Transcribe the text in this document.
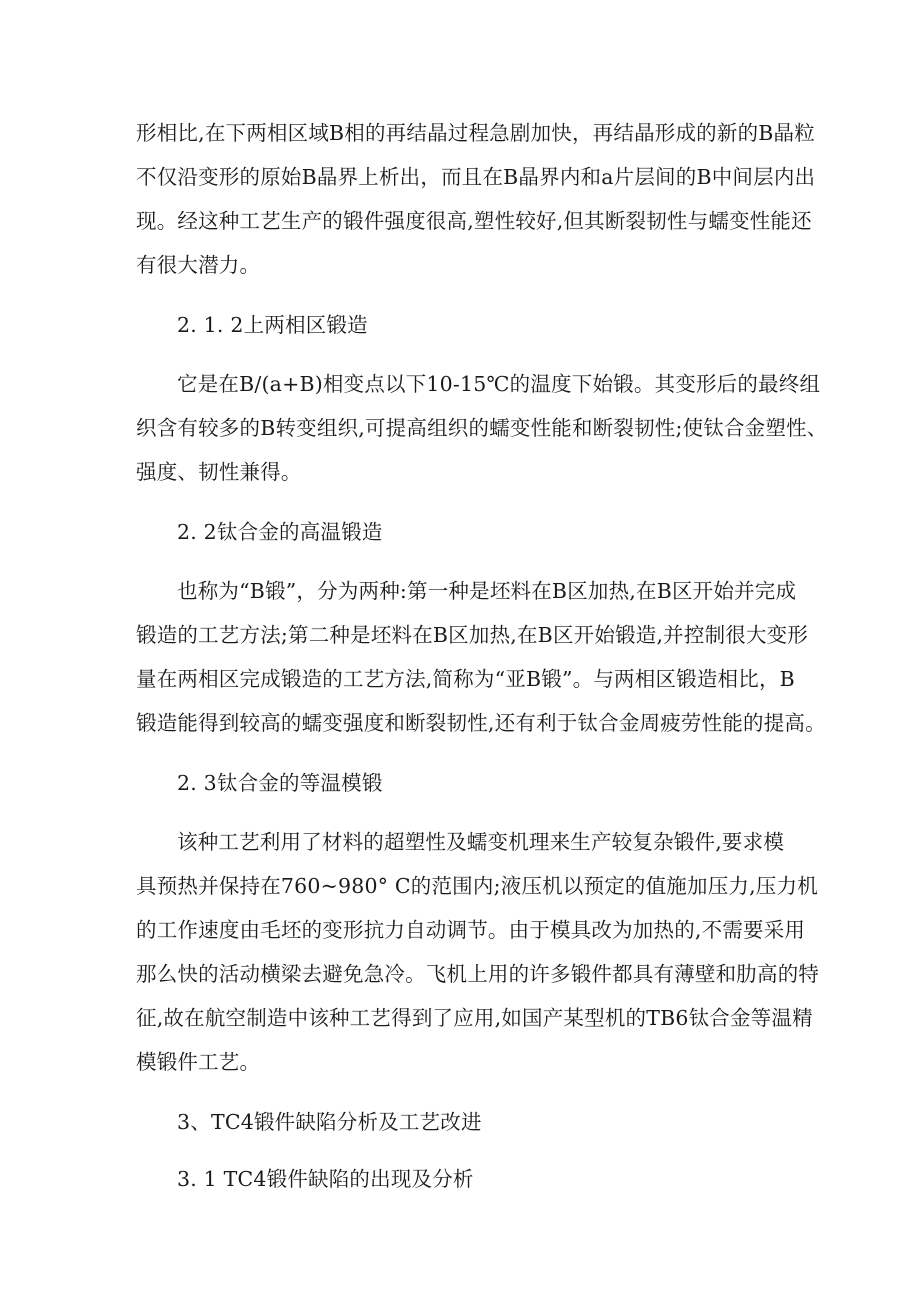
形相比,在下两相区域B相的再结晶过程急剧加快，再结晶形成的新的B晶粒
不仅沿变形的原始B晶界上析出，而且在B晶界内和a片层间的B中间层内出
现。经这种工艺生产的锻件强度很高,塑性较好,但其断裂韧性与蠕变性能还
有很大潜力。
2. 1. 2上两相区锻造
它是在B/(a+B)相变点以下10-15℃的温度下始锻。其变形后的最终组
织含有较多的B转变组织,可提高组织的蠕变性能和断裂韧性;使钛合金塑性、
强度、韧性兼得。
2. 2钛合金的高温锻造
也称为“B锻”，分为两种:第一种是坯料在B区加热,在B区开始并完成
锻造的工艺方法;第二种是坯料在B区加热,在B区开始锻造,并控制很大变形
量在两相区完成锻造的工艺方法,简称为“亚B锻”。与两相区锻造相比，B
锻造能得到较高的蠕变强度和断裂韧性,还有利于钛合金周疲劳性能的提高。
2. 3钛合金的等温模锻
该种工艺利用了材料的超塑性及蠕变机理来生产较复杂锻件,要求模
具预热并保持在760~980° C的范围内;液压机以预定的值施加压力,压力机
的工作速度由毛坯的变形抗力自动调节。由于模具改为加热的,不需要采用
那么快的活动横梁去避免急冷。飞机上用的许多锻件都具有薄壁和肋高的特
征,故在航空制造中该种工艺得到了应用,如国产某型机的TB6钛合金等温精
模锻件工艺。
3、TC4锻件缺陷分析及工艺改进
3. 1 TC4锻件缺陷的出现及分析
